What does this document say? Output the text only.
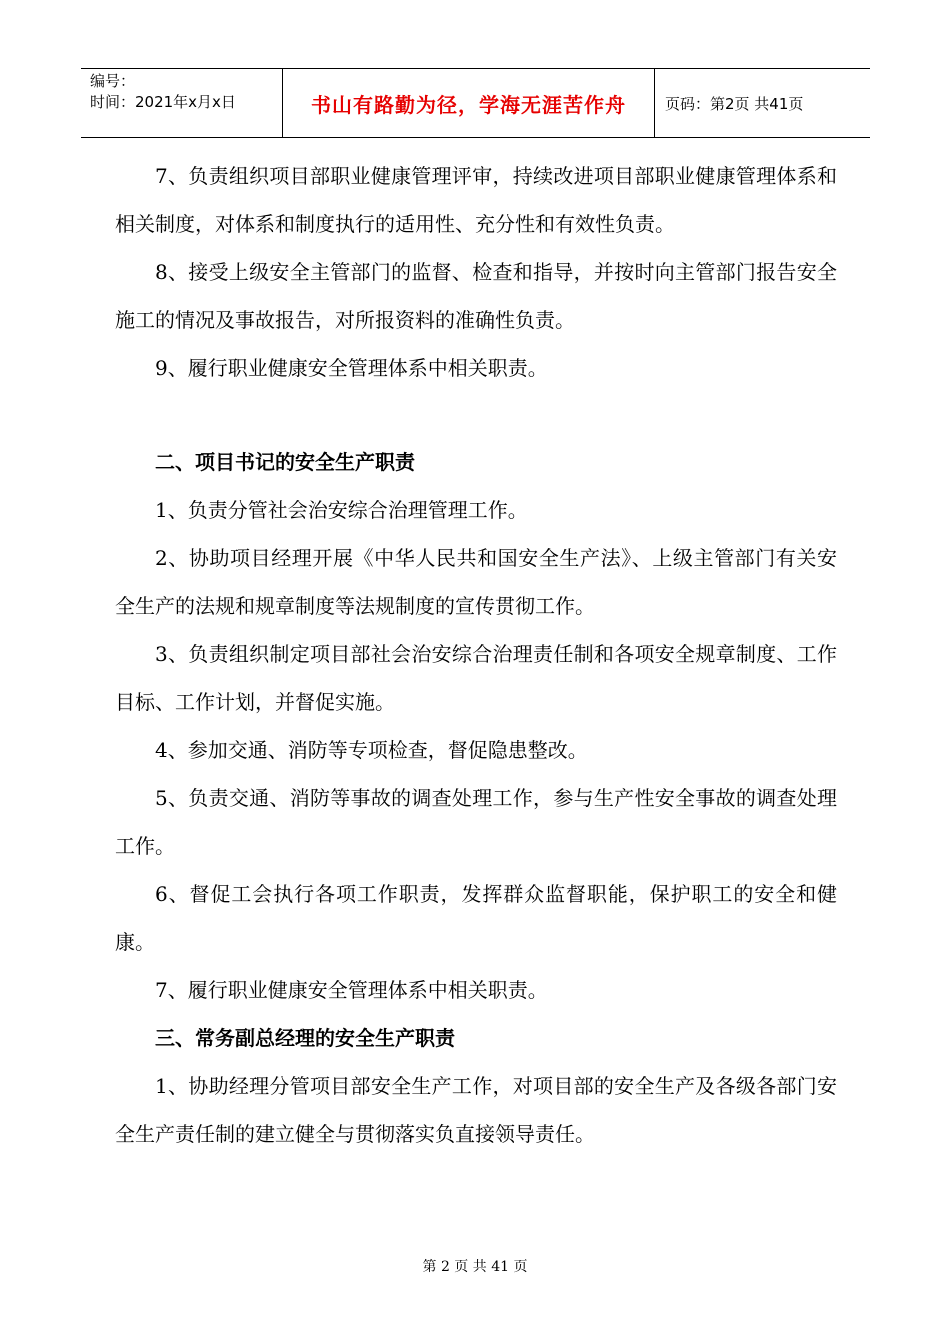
编号：
时间：2021年x月x日	书山有路勤为径，学海无涯苦作舟	页码：第2页 共41页

7、负责组织项目部职业健康管理评审，持续改进项目部职业健康管理体系和相关制度，对体系和制度执行的适用性、充分性和有效性负责。

8、接受上级安全主管部门的监督、检查和指导，并按时向主管部门报告安全施工的情况及事故报告，对所报资料的准确性负责。

9、履行职业健康安全管理体系中相关职责。

二、项目书记的安全生产职责

1、负责分管社会治安综合治理管理工作。

2、协助项目经理开展《中华人民共和国安全生产法》、上级主管部门有关安全生产的法规和规章制度等法规制度的宣传贯彻工作。

3、负责组织制定项目部社会治安综合治理责任制和各项安全规章制度、工作目标、工作计划，并督促实施。

4、参加交通、消防等专项检查，督促隐患整改。

5、负责交通、消防等事故的调查处理工作，参与生产性安全事故的调查处理工作。

6、督促工会执行各项工作职责，发挥群众监督职能，保护职工的安全和健康。

7、履行职业健康安全管理体系中相关职责。

三、常务副总经理的安全生产职责

1、协助经理分管项目部安全生产工作，对项目部的安全生产及各级各部门安全生产责任制的建立健全与贯彻落实负直接领导责任。

第 2 页 共 41 页
